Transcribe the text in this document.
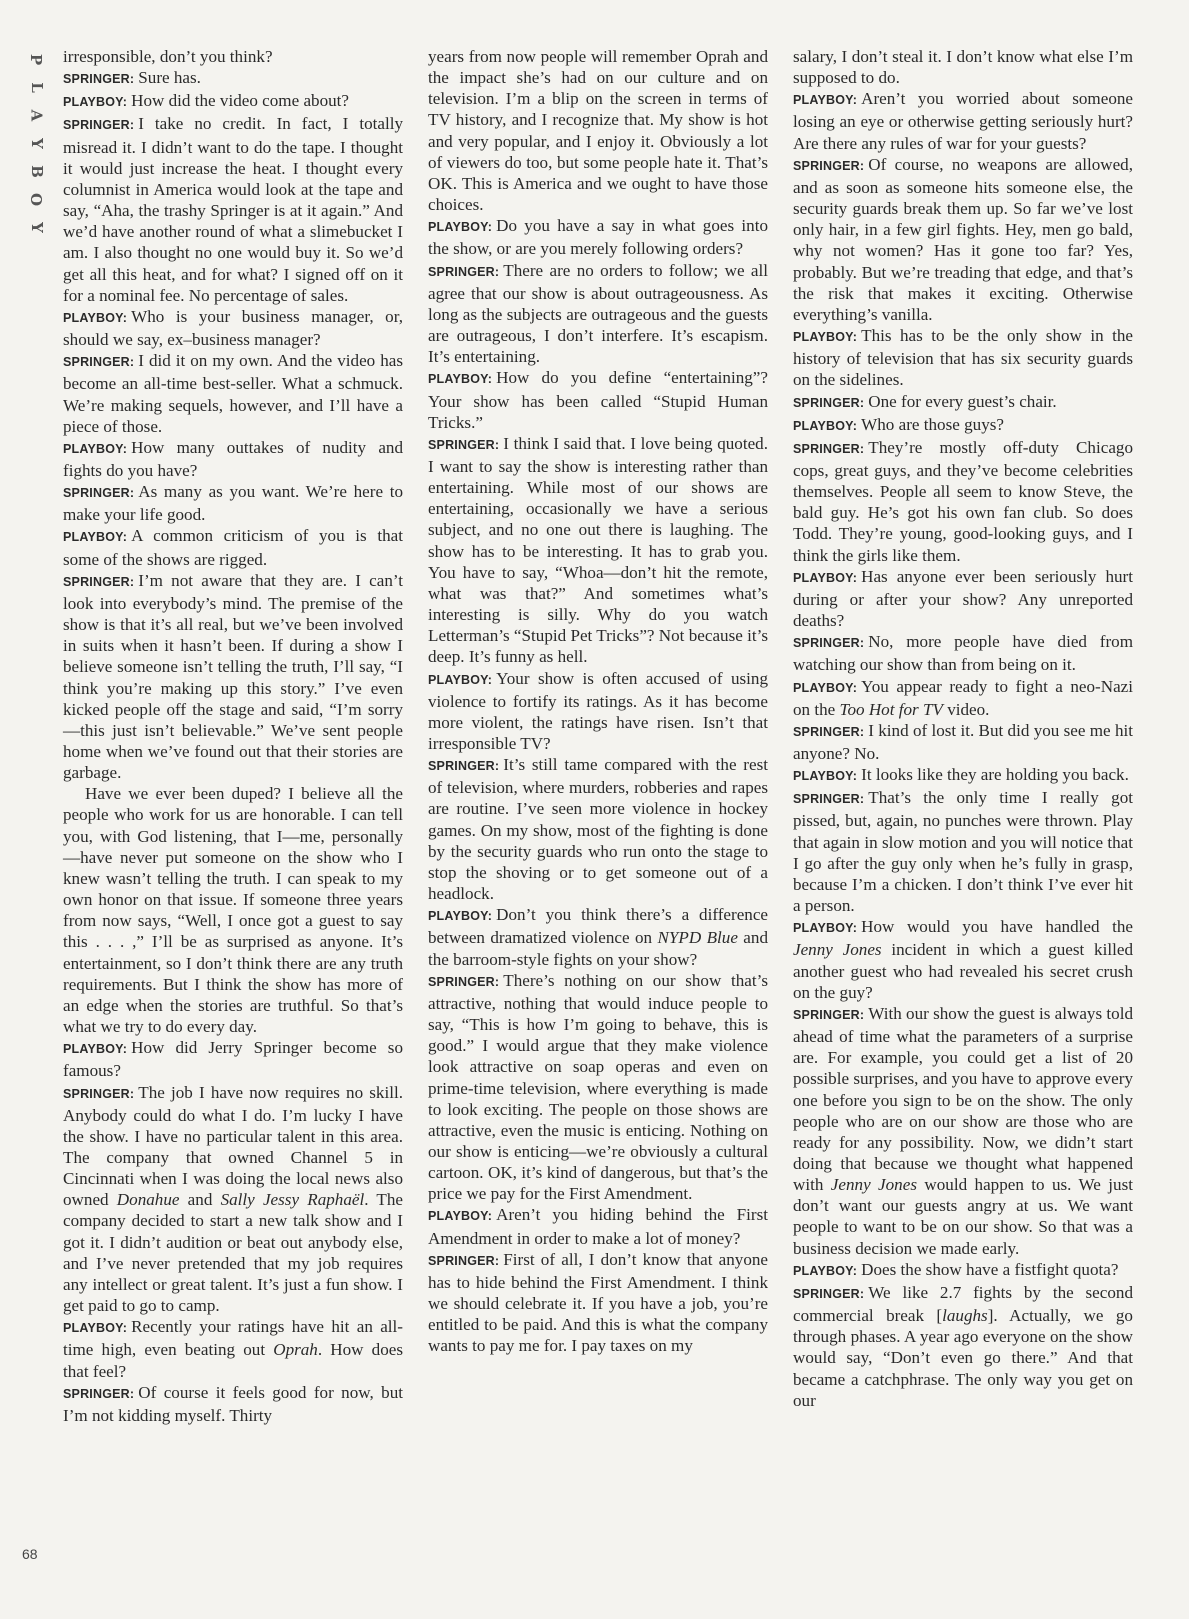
P
L
A
Y
B
O
Y

irresponsible, don’t you think?

SPRINGER: Sure has.

PLAYBOY: How did the video come about?

SPRINGER: I take no credit. In fact, I totally misread it. I didn’t want to do the tape. I thought it would just increase the heat. I thought every columnist in America would look at the tape and say, “Aha, the trashy Springer is at it again.” And we’d have another round of what a slimebucket I am. I also thought no one would buy it. So we’d get all this heat, and for what? I signed off on it for a nominal fee. No percentage of sales.

PLAYBOY: Who is your business manager, or, should we say, ex–business manager?

SPRINGER: I did it on my own. And the video has become an all-time best-seller. What a schmuck. We’re making sequels, however, and I’ll have a piece of those.

PLAYBOY: How many outtakes of nudity and fights do you have?

SPRINGER: As many as you want. We’re here to make your life good.

PLAYBOY: A common criticism of you is that some of the shows are rigged.

SPRINGER: I’m not aware that they are. I can’t look into everybody’s mind. The premise of the show is that it’s all real, but we’ve been involved in suits when it hasn’t been. If during a show I believe someone isn’t telling the truth, I’ll say, “I think you’re making up this story.” I’ve even kicked people off the stage and said, “I’m sorry—this just isn’t believable.” We’ve sent people home when we’ve found out that their stories are garbage.

Have we ever been duped? I believe all the people who work for us are honorable. I can tell you, with God listening, that I—me, personally—have never put someone on the show who I knew wasn’t telling the truth. I can speak to my own honor on that issue. If someone three years from now says, “Well, I once got a guest to say this . . . ,” I’ll be as surprised as anyone. It’s entertainment, so I don’t think there are any truth requirements. But I think the show has more of an edge when the stories are truthful. So that’s what we try to do every day.

PLAYBOY: How did Jerry Springer become so famous?

SPRINGER: The job I have now requires no skill. Anybody could do what I do. I’m lucky I have the show. I have no particular talent in this area. The company that owned Channel 5 in Cincinnati when I was doing the local news also owned Donahue and Sally Jessy Raphaël. The company decided to start a new talk show and I got it. I didn’t audition or beat out anybody else, and I’ve never pretended that my job requires any intellect or great talent. It’s just a fun show. I get paid to go to camp.

PLAYBOY: Recently your ratings have hit an all-time high, even beating out Oprah. How does that feel?

SPRINGER: Of course it feels good for now, but I’m not kidding myself. Thirty

years from now people will remember Oprah and the impact she’s had on our culture and on television. I’m a blip on the screen in terms of TV history, and I recognize that. My show is hot and very popular, and I enjoy it. Obviously a lot of viewers do too, but some people hate it. That’s OK. This is America and we ought to have those choices.

PLAYBOY: Do you have a say in what goes into the show, or are you merely following orders?

SPRINGER: There are no orders to follow; we all agree that our show is about outrageousness. As long as the subjects are outrageous and the guests are outrageous, I don’t interfere. It’s escapism. It’s entertaining.

PLAYBOY: How do you define “entertaining”? Your show has been called “Stupid Human Tricks.”

SPRINGER: I think I said that. I love being quoted. I want to say the show is interesting rather than entertaining. While most of our shows are entertaining, occasionally we have a serious subject, and no one out there is laughing. The show has to be interesting. It has to grab you. You have to say, “Whoa—don’t hit the remote, what was that?” And sometimes what’s interesting is silly. Why do you watch Letterman’s “Stupid Pet Tricks”? Not because it’s deep. It’s funny as hell.

PLAYBOY: Your show is often accused of using violence to fortify its ratings. As it has become more violent, the ratings have risen. Isn’t that irresponsible TV?

SPRINGER: It’s still tame compared with the rest of television, where murders, robberies and rapes are routine. I’ve seen more violence in hockey games. On my show, most of the fighting is done by the security guards who run onto the stage to stop the shoving or to get someone out of a headlock.

PLAYBOY: Don’t you think there’s a difference between dramatized violence on NYPD Blue and the barroom-style fights on your show?

SPRINGER: There’s nothing on our show that’s attractive, nothing that would induce people to say, “This is how I’m going to behave, this is good.” I would argue that they make violence look attractive on soap operas and even on prime-time television, where everything is made to look exciting. The people on those shows are attractive, even the music is enticing. Nothing on our show is enticing—we’re obviously a cultural cartoon. OK, it’s kind of dangerous, but that’s the price we pay for the First Amendment.

PLAYBOY: Aren’t you hiding behind the First Amendment in order to make a lot of money?

SPRINGER: First of all, I don’t know that anyone has to hide behind the First Amendment. I think we should celebrate it. If you have a job, you’re entitled to be paid. And this is what the company wants to pay me for. I pay taxes on my

salary, I don’t steal it. I don’t know what else I’m supposed to do.

PLAYBOY: Aren’t you worried about someone losing an eye or otherwise getting seriously hurt? Are there any rules of war for your guests?

SPRINGER: Of course, no weapons are allowed, and as soon as someone hits someone else, the security guards break them up. So far we’ve lost only hair, in a few girl fights. Hey, men go bald, why not women? Has it gone too far? Yes, probably. But we’re treading that edge, and that’s the risk that makes it exciting. Otherwise everything’s vanilla.

PLAYBOY: This has to be the only show in the history of television that has six security guards on the sidelines.

SPRINGER: One for every guest’s chair.

PLAYBOY: Who are those guys?

SPRINGER: They’re mostly off-duty Chicago cops, great guys, and they’ve become celebrities themselves. People all seem to know Steve, the bald guy. He’s got his own fan club. So does Todd. They’re young, good-looking guys, and I think the girls like them.

PLAYBOY: Has anyone ever been seriously hurt during or after your show? Any unreported deaths?

SPRINGER: No, more people have died from watching our show than from being on it.

PLAYBOY: You appear ready to fight a neo-Nazi on the Too Hot for TV video.

SPRINGER: I kind of lost it. But did you see me hit anyone? No.

PLAYBOY: It looks like they are holding you back.

SPRINGER: That’s the only time I really got pissed, but, again, no punches were thrown. Play that again in slow motion and you will notice that I go after the guy only when he’s fully in grasp, because I’m a chicken. I don’t think I’ve ever hit a person.

PLAYBOY: How would you have handled the Jenny Jones incident in which a guest killed another guest who had revealed his secret crush on the guy?

SPRINGER: With our show the guest is always told ahead of time what the parameters of a surprise are. For example, you could get a list of 20 possible surprises, and you have to approve every one before you sign to be on the show. The only people who are on our show are those who are ready for any possibility. Now, we didn’t start doing that because we thought what happened with Jenny Jones would happen to us. We just don’t want our guests angry at us. We want people to want to be on our show. So that was a business decision we made early.

PLAYBOY: Does the show have a fistfight quota?

SPRINGER: We like 2.7 fights by the second commercial break [laughs]. Actually, we go through phases. A year ago everyone on the show would say, “Don’t even go there.” And that became a catchphrase. The only way you get on our

68
